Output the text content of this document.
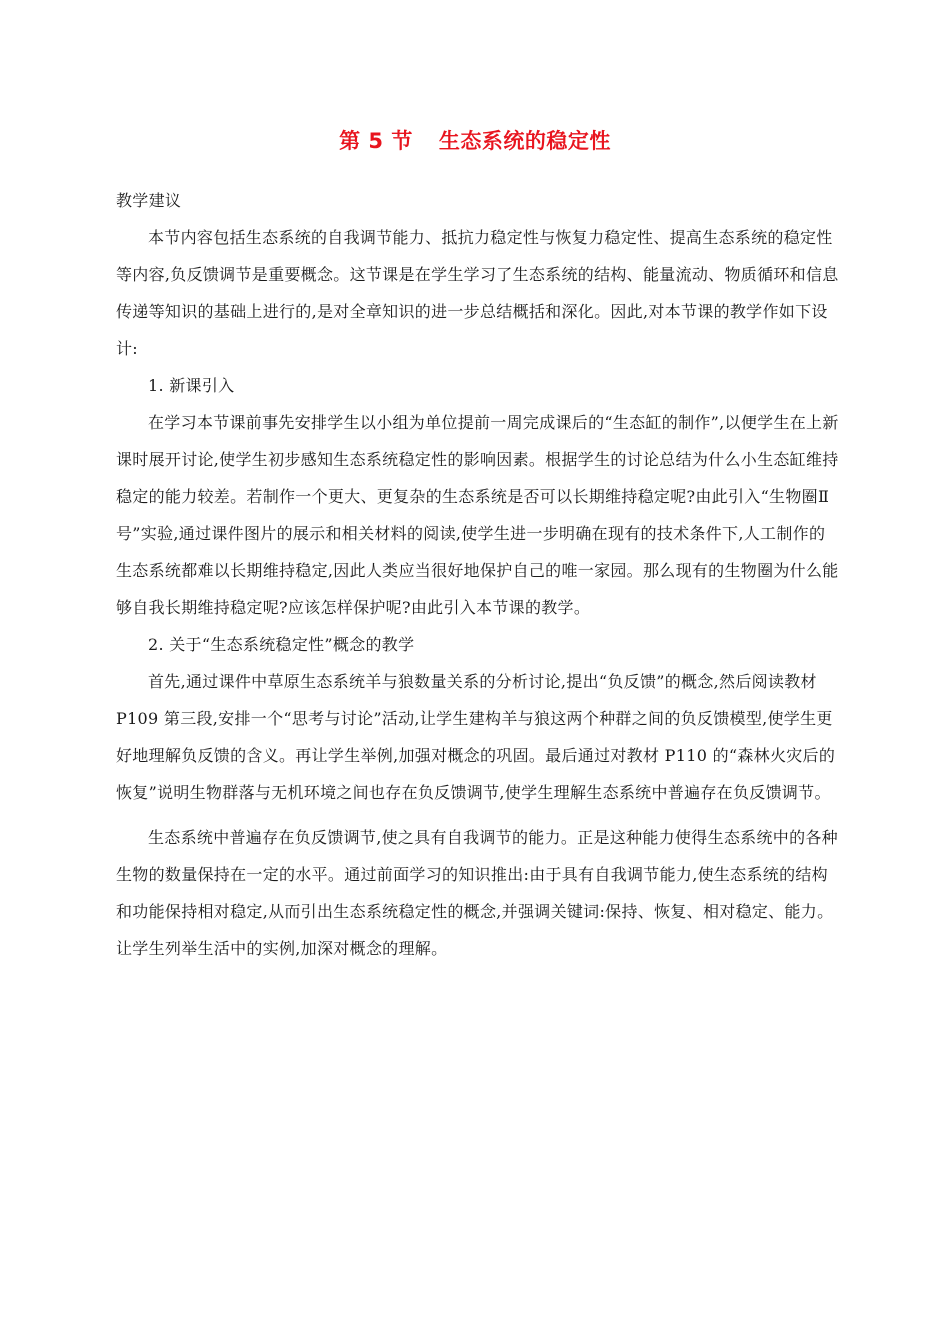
第 5 节 生态系统的稳定性

教学建议

本节内容包括生态系统的自我调节能力、抵抗力稳定性与恢复力稳定性、提高生态系统的稳定性等内容,负反馈调节是重要概念。这节课是在学生学习了生态系统的结构、能量流动、物质循环和信息传递等知识的基础上进行的,是对全章知识的进一步总结概括和深化。因此,对本节课的教学作如下设计:

1. 新课引入

在学习本节课前事先安排学生以小组为单位提前一周完成课后的“生态缸的制作”,以便学生在上新课时展开讨论,使学生初步感知生态系统稳定性的影响因素。根据学生的讨论总结为什么小生态缸维持稳定的能力较差。若制作一个更大、更复杂的生态系统是否可以长期维持稳定呢?由此引入“生物圈Ⅱ号”实验,通过课件图片的展示和相关材料的阅读,使学生进一步明确在现有的技术条件下,人工制作的生态系统都难以长期维持稳定,因此人类应当很好地保护自己的唯一家园。那么现有的生物圈为什么能够自我长期维持稳定呢?应该怎样保护呢?由此引入本节课的教学。

2. 关于“生态系统稳定性”概念的教学

首先,通过课件中草原生态系统羊与狼数量关系的分析讨论,提出“负反馈”的概念,然后阅读教材 P109 第三段,安排一个“思考与讨论”活动,让学生建构羊与狼这两个种群之间的负反馈模型,使学生更好地理解负反馈的含义。再让学生举例,加强对概念的巩固。最后通过对教材 P110 的“森林火灾后的恢复”说明生物群落与无机环境之间也存在负反馈调节,使学生理解生态系统中普遍存在负反馈调节。

生态系统中普遍存在负反馈调节,使之具有自我调节的能力。正是这种能力使得生态系统中的各种生物的数量保持在一定的水平。通过前面学习的知识推出:由于具有自我调节能力,使生态系统的结构和功能保持相对稳定,从而引出生态系统稳定性的概念,并强调关键词:保持、恢复、相对稳定、能力。让学生列举生活中的实例,加深对概念的理解。
